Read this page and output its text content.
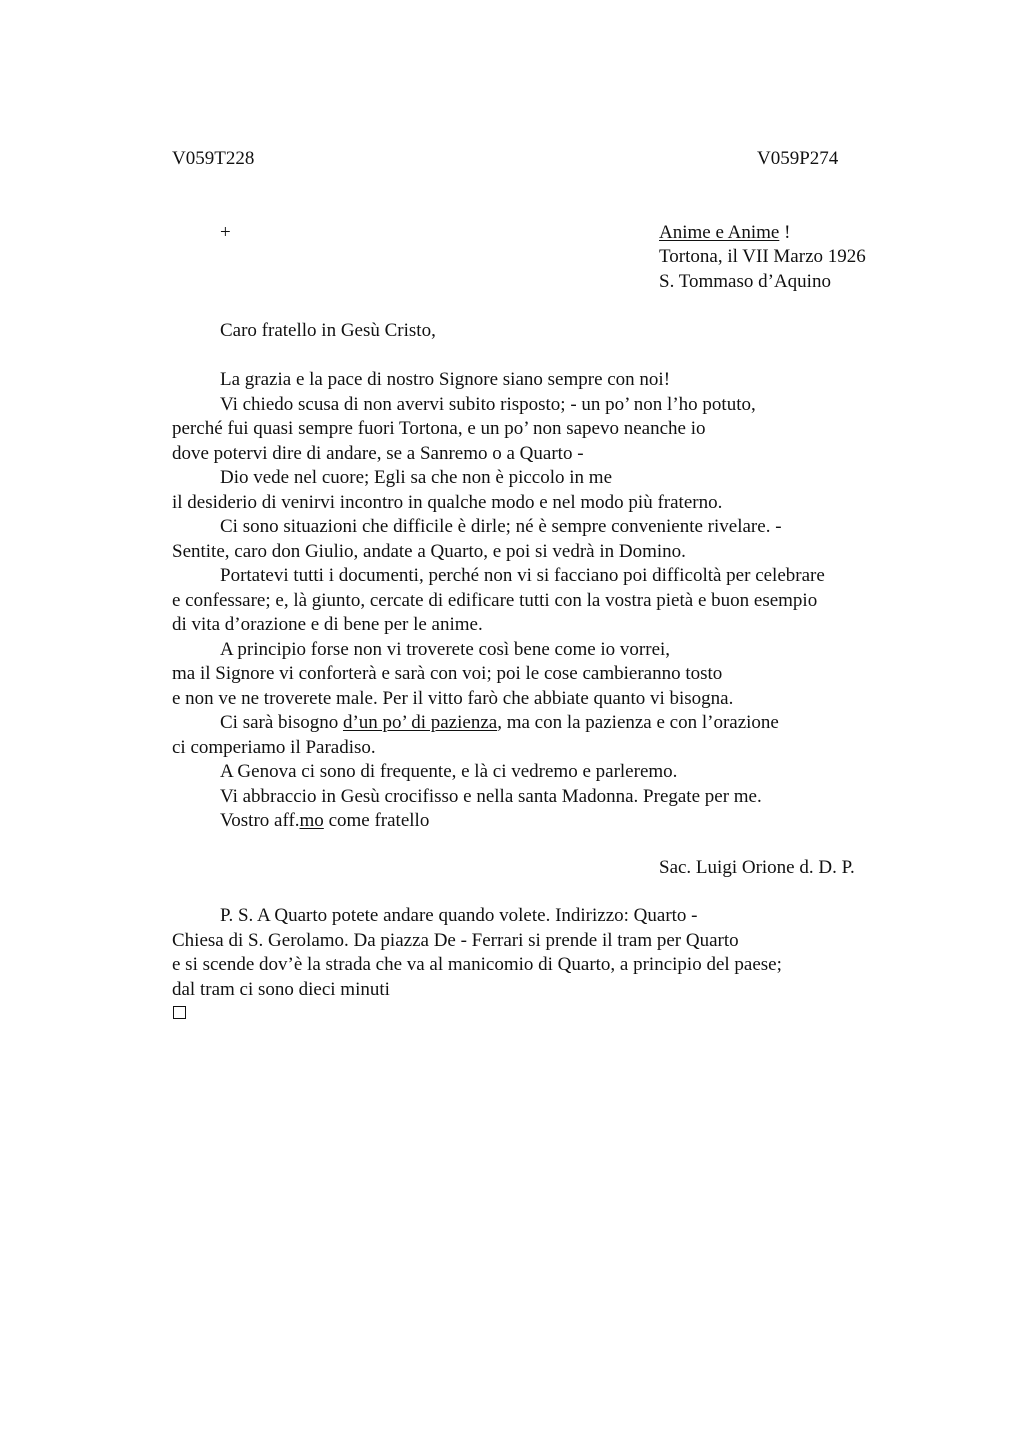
V059T228	V059P274
+	Anime e Anime !
Tortona, il VII Marzo 1926
S. Tommaso d’Aquino
Caro fratello in Gesù Cristo,
La grazia e la pace di nostro Signore siano sempre con noi!
Vi chiedo scusa di non avervi subito risposto; - un po’ non l’ho potuto,
perché fui quasi sempre fuori Tortona, e un po’ non sapevo neanche io
dove potervi dire di andare, se a Sanremo o a Quarto -
Dio vede nel cuore; Egli sa che non è piccolo in me
il desiderio di venirvi incontro in qualche modo e nel modo più fraterno.
Ci sono situazioni che difficile è dirle; né è sempre conveniente rivelare. -
Sentite, caro don Giulio, andate a Quarto, e poi si vedrà in Domino.
Portatevi tutti i documenti, perché non vi si facciano poi difficoltà per celebrare
e confessare; e, là giunto, cercate di edificare tutti con la vostra pietà e buon esempio
di vita d’orazione e di bene per le anime.
A principio forse non vi troverete così bene come io vorrei,
ma il Signore vi conforterà e sarà con voi; poi le cose cambieranno tosto
e non ve ne troverete male. Per il vitto farò che abbiate quanto vi bisogna.
Ci sarà bisogno d’un po’ di pazienza, ma con la pazienza e con l’orazione
ci comperiamo il Paradiso.
A Genova ci sono di frequente, e là ci vedremo e parleremo.
Vi abbraccio in Gesù crocifisso e nella santa Madonna. Pregate per me.
Vostro aff.mo come fratello
Sac. Luigi Orione d. D. P.
P. S. A Quarto potete andare quando volete. Indirizzo: Quarto -
Chiesa di S. Gerolamo. Da piazza De - Ferrari si prende il tram per Quarto
e si scende dov’è la strada che va al manicomio di Quarto, a principio del paese;
dal tram ci sono dieci minuti
